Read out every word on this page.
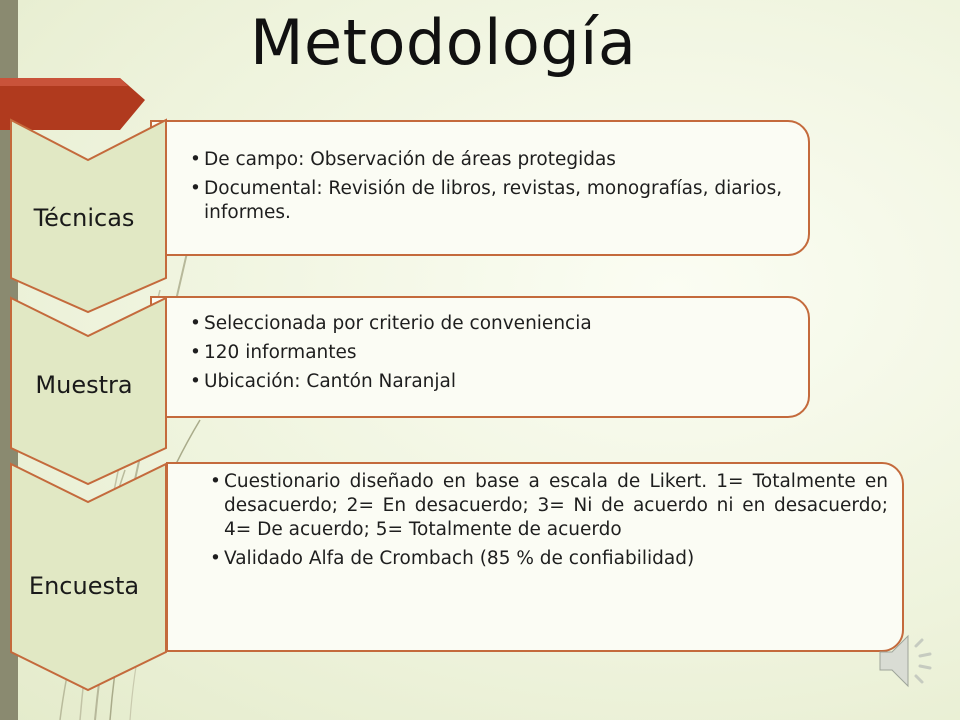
Metodología
• De campo: Observación de áreas protegidas
• Documental: Revisión de libros, revistas, monografías, diarios, informes.
Técnicas
• Seleccionada por criterio de conveniencia
• 120 informantes
• Ubicación: Cantón Naranjal
Muestra
• Cuestionario diseñado en base a escala de Likert. 1= Totalmente en desacuerdo; 2= En desacuerdo; 3= Ni de acuerdo ni en desacuerdo; 4= De acuerdo; 5= Totalmente de acuerdo
• Validado Alfa de Crombach (85 % de confiabilidad)
Encuesta
